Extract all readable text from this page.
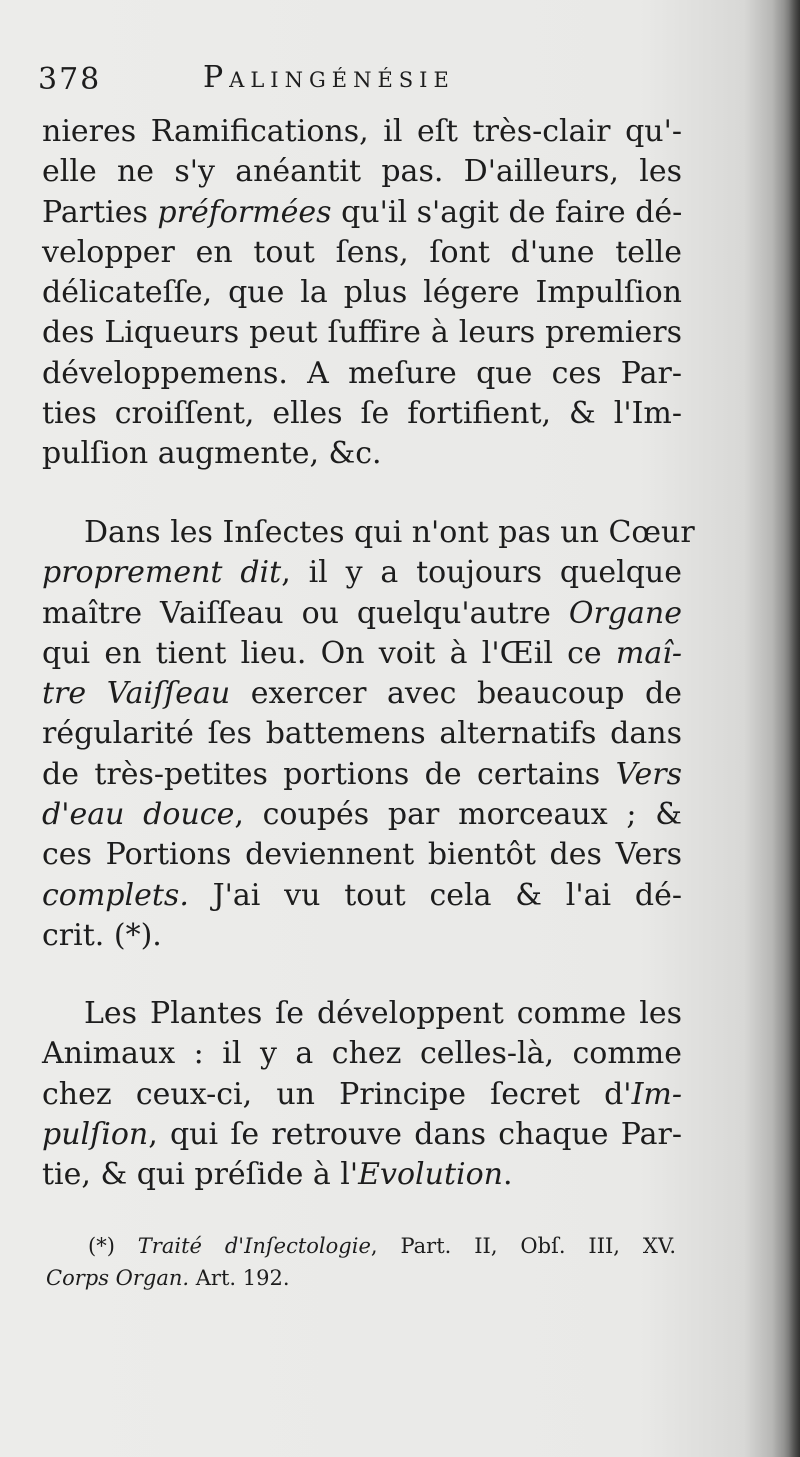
378	Palingénésie
nieres Ramifications, il eſt très-clair qu'-
elle ne s'y anéantit pas. D'ailleurs, les
Parties préformées qu'il s'agit de faire dé-
velopper en tout ſens, ſont d'une telle
délicateſſe, que la plus légere Impulſion
des Liqueurs peut ſuffire à leurs premiers
développemens. A meſure que ces Par-
ties croiſſent, elles ſe fortifient, & l'Im-
pulſion augmente, &c.
Dans les Inſectes qui n'ont pas un Cœur
proprement dit, il y a toujours quelque
maître Vaiſſeau ou quelqu'autre Organe
qui en tient lieu. On voit à l'Œil ce maî-
tre Vaiſſeau exercer avec beaucoup de
régularité ſes battemens alternatifs dans
de très-petites portions de certains Vers
d'eau douce, coupés par morceaux ; &
ces Portions deviennent bientôt des Vers
complets. J'ai vu tout cela & l'ai dé-
crit. (*).
Les Plantes ſe développent comme les
Animaux : il y a chez celles-là, comme
chez ceux-ci, un Principe ſecret d'Im-
pulſion, qui ſe retrouve dans chaque Par-
tie, & qui préſide à l'Evolution.
(*) Traité d'Inſectologie, Part. II, Obſ. III, XV.
Corps Organ. Art. 192.
